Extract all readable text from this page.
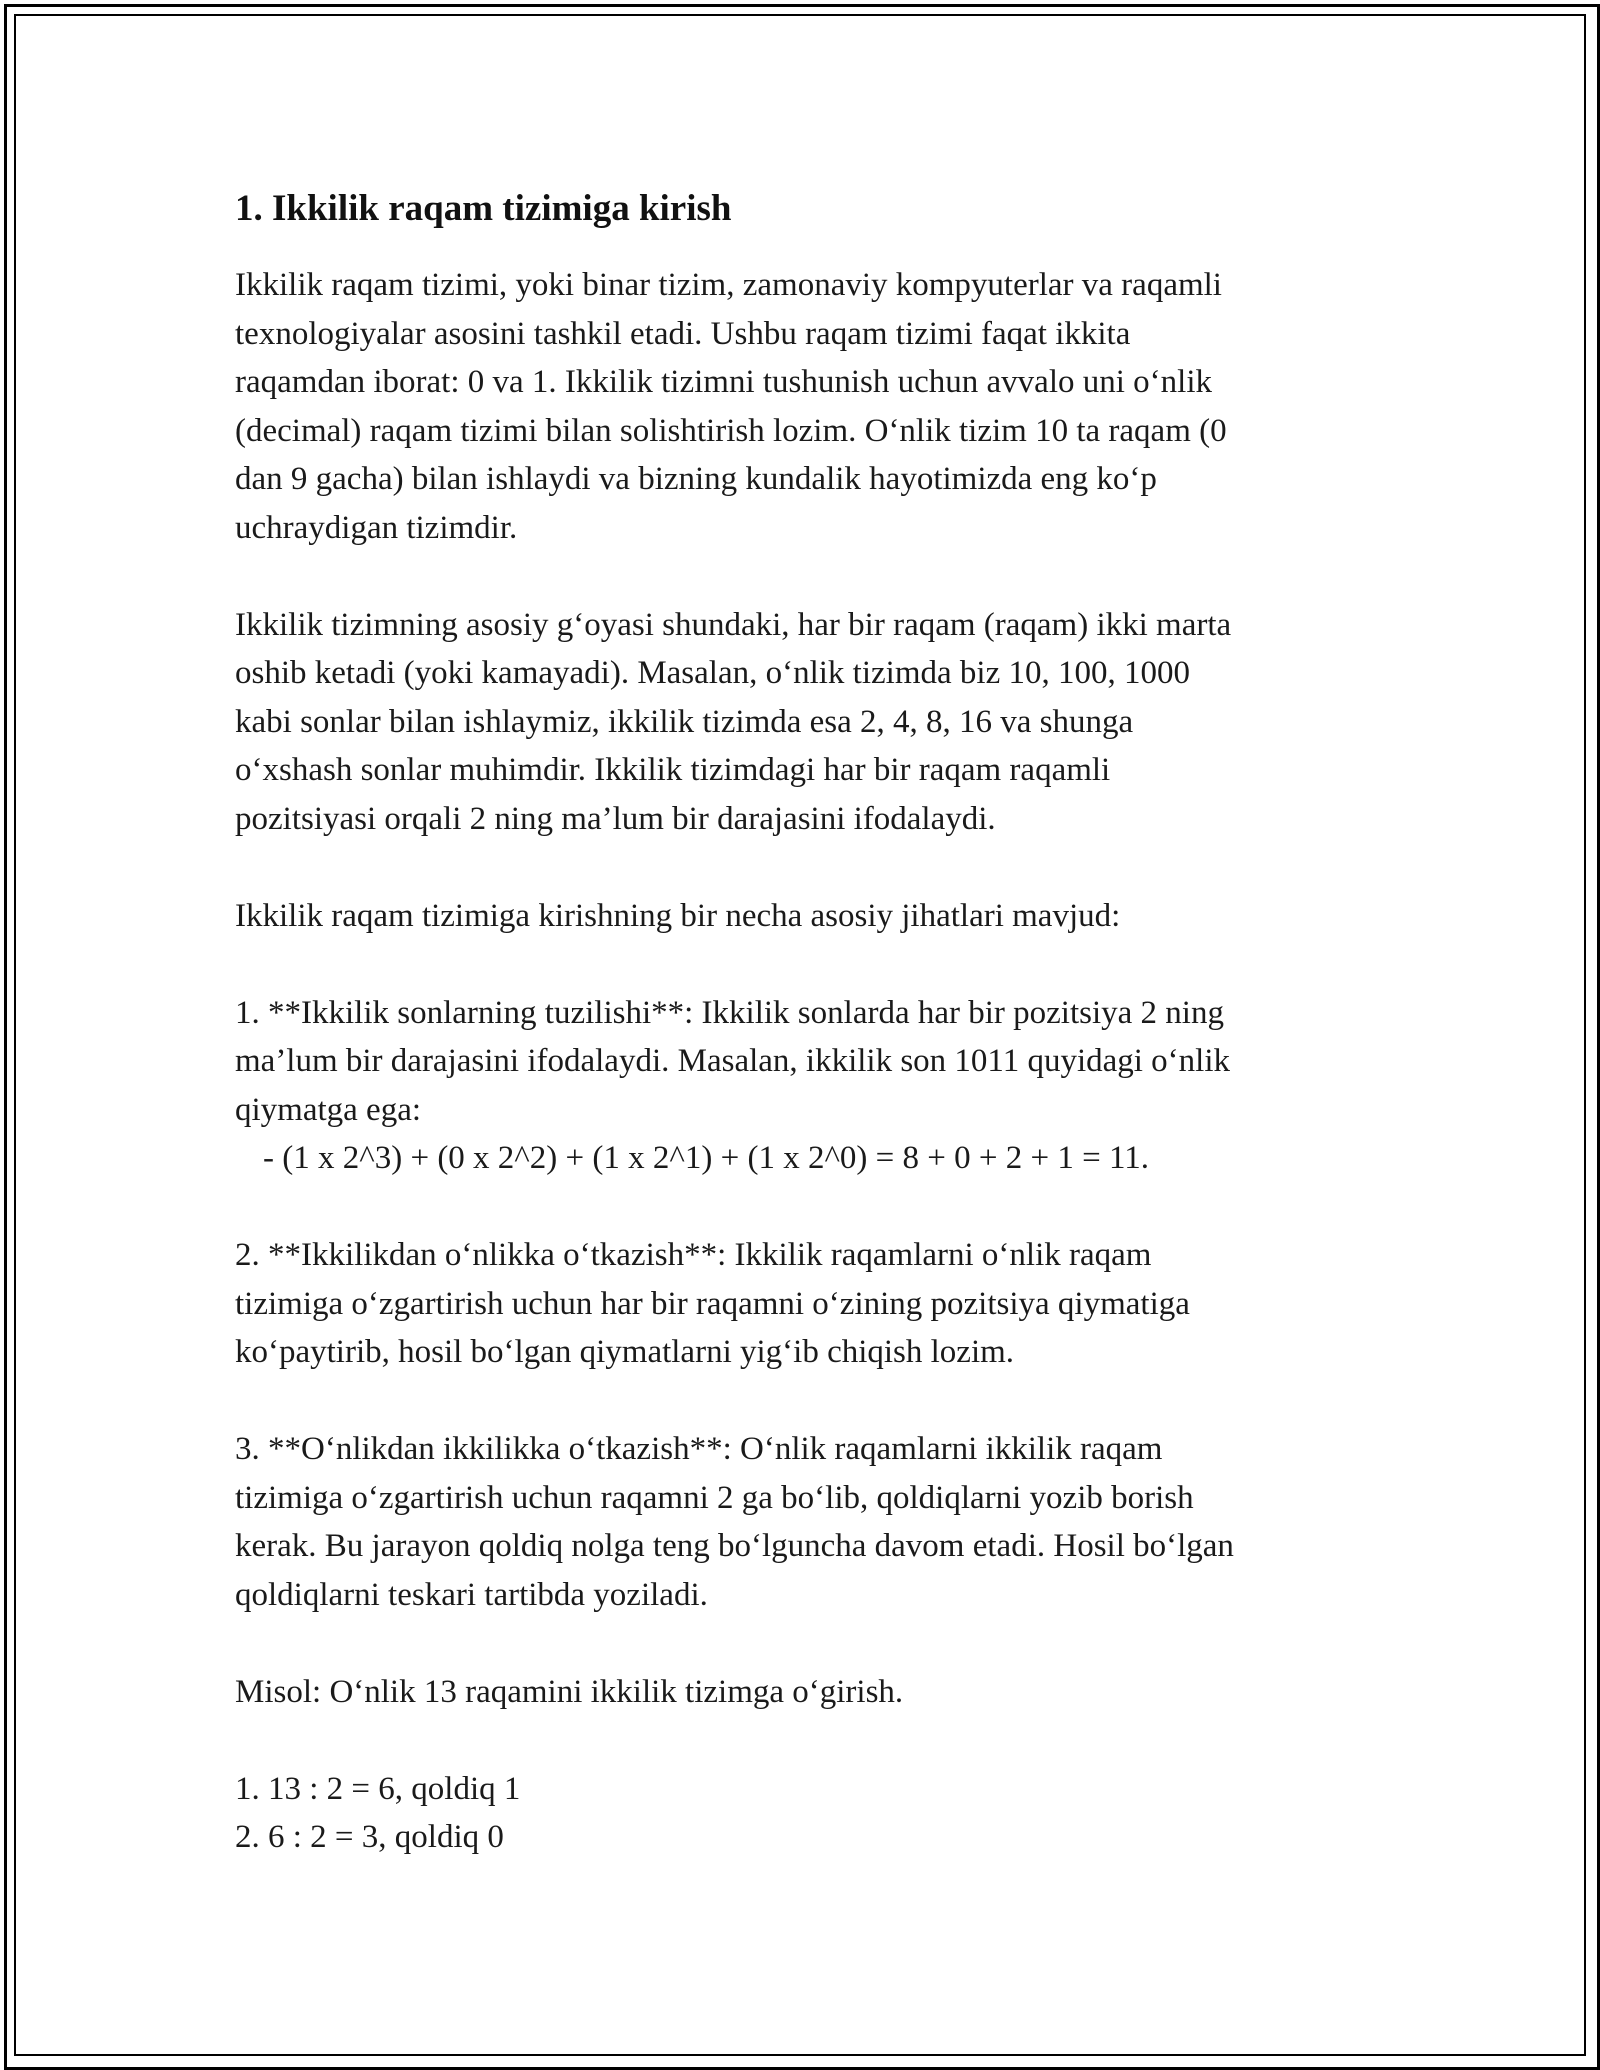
1. Ikkilik raqam tizimiga kirish
Ikkilik raqam tizimi, yoki binar tizim, zamonaviy kompyuterlar va raqamli
texnologiyalar asosini tashkil etadi. Ushbu raqam tizimi faqat ikkita
raqamdan iborat: 0 va 1. Ikkilik tizimni tushunish uchun avvalo uni o‘nlik
(decimal) raqam tizimi bilan solishtirish lozim. O‘nlik tizim 10 ta raqam (0
dan 9 gacha) bilan ishlaydi va bizning kundalik hayotimizda eng ko‘p
uchraydigan tizimdir.
Ikkilik tizimning asosiy g‘oyasi shundaki, har bir raqam (raqam) ikki marta
oshib ketadi (yoki kamayadi). Masalan, o‘nlik tizimda biz 10, 100, 1000
kabi sonlar bilan ishlaymiz, ikkilik tizimda esa 2, 4, 8, 16 va shunga
o‘xshash sonlar muhimdir. Ikkilik tizimdagi har bir raqam raqamli
pozitsiyasi orqali 2 ning ma’lum bir darajasini ifodalaydi.
Ikkilik raqam tizimiga kirishning bir necha asosiy jihatlari mavjud:
1. **Ikkilik sonlarning tuzilishi**: Ikkilik sonlarda har bir pozitsiya 2 ning
ma’lum bir darajasini ifodalaydi. Masalan, ikkilik son 1011 quyidagi o‘nlik
qiymatga ega:
- (1 x 2^3) + (0 x 2^2) + (1 x 2^1) + (1 x 2^0) = 8 + 0 + 2 + 1 = 11.
2. **Ikkilikdan o‘nlikka o‘tkazish**: Ikkilik raqamlarni o‘nlik raqam
tizimiga o‘zgartirish uchun har bir raqamni o‘zining pozitsiya qiymatiga
ko‘paytirib, hosil bo‘lgan qiymatlarni yig‘ib chiqish lozim.
3. **O‘nlikdan ikkilikka o‘tkazish**: O‘nlik raqamlarni ikkilik raqam
tizimiga o‘zgartirish uchun raqamni 2 ga bo‘lib, qoldiqlarni yozib borish
kerak. Bu jarayon qoldiq nolga teng bo‘lguncha davom etadi. Hosil bo‘lgan
qoldiqlarni teskari tartibda yoziladi.
Misol: O‘nlik 13 raqamini ikkilik tizimga o‘girish.
1. 13 : 2 = 6, qoldiq 1
2. 6 : 2 = 3, qoldiq 0
